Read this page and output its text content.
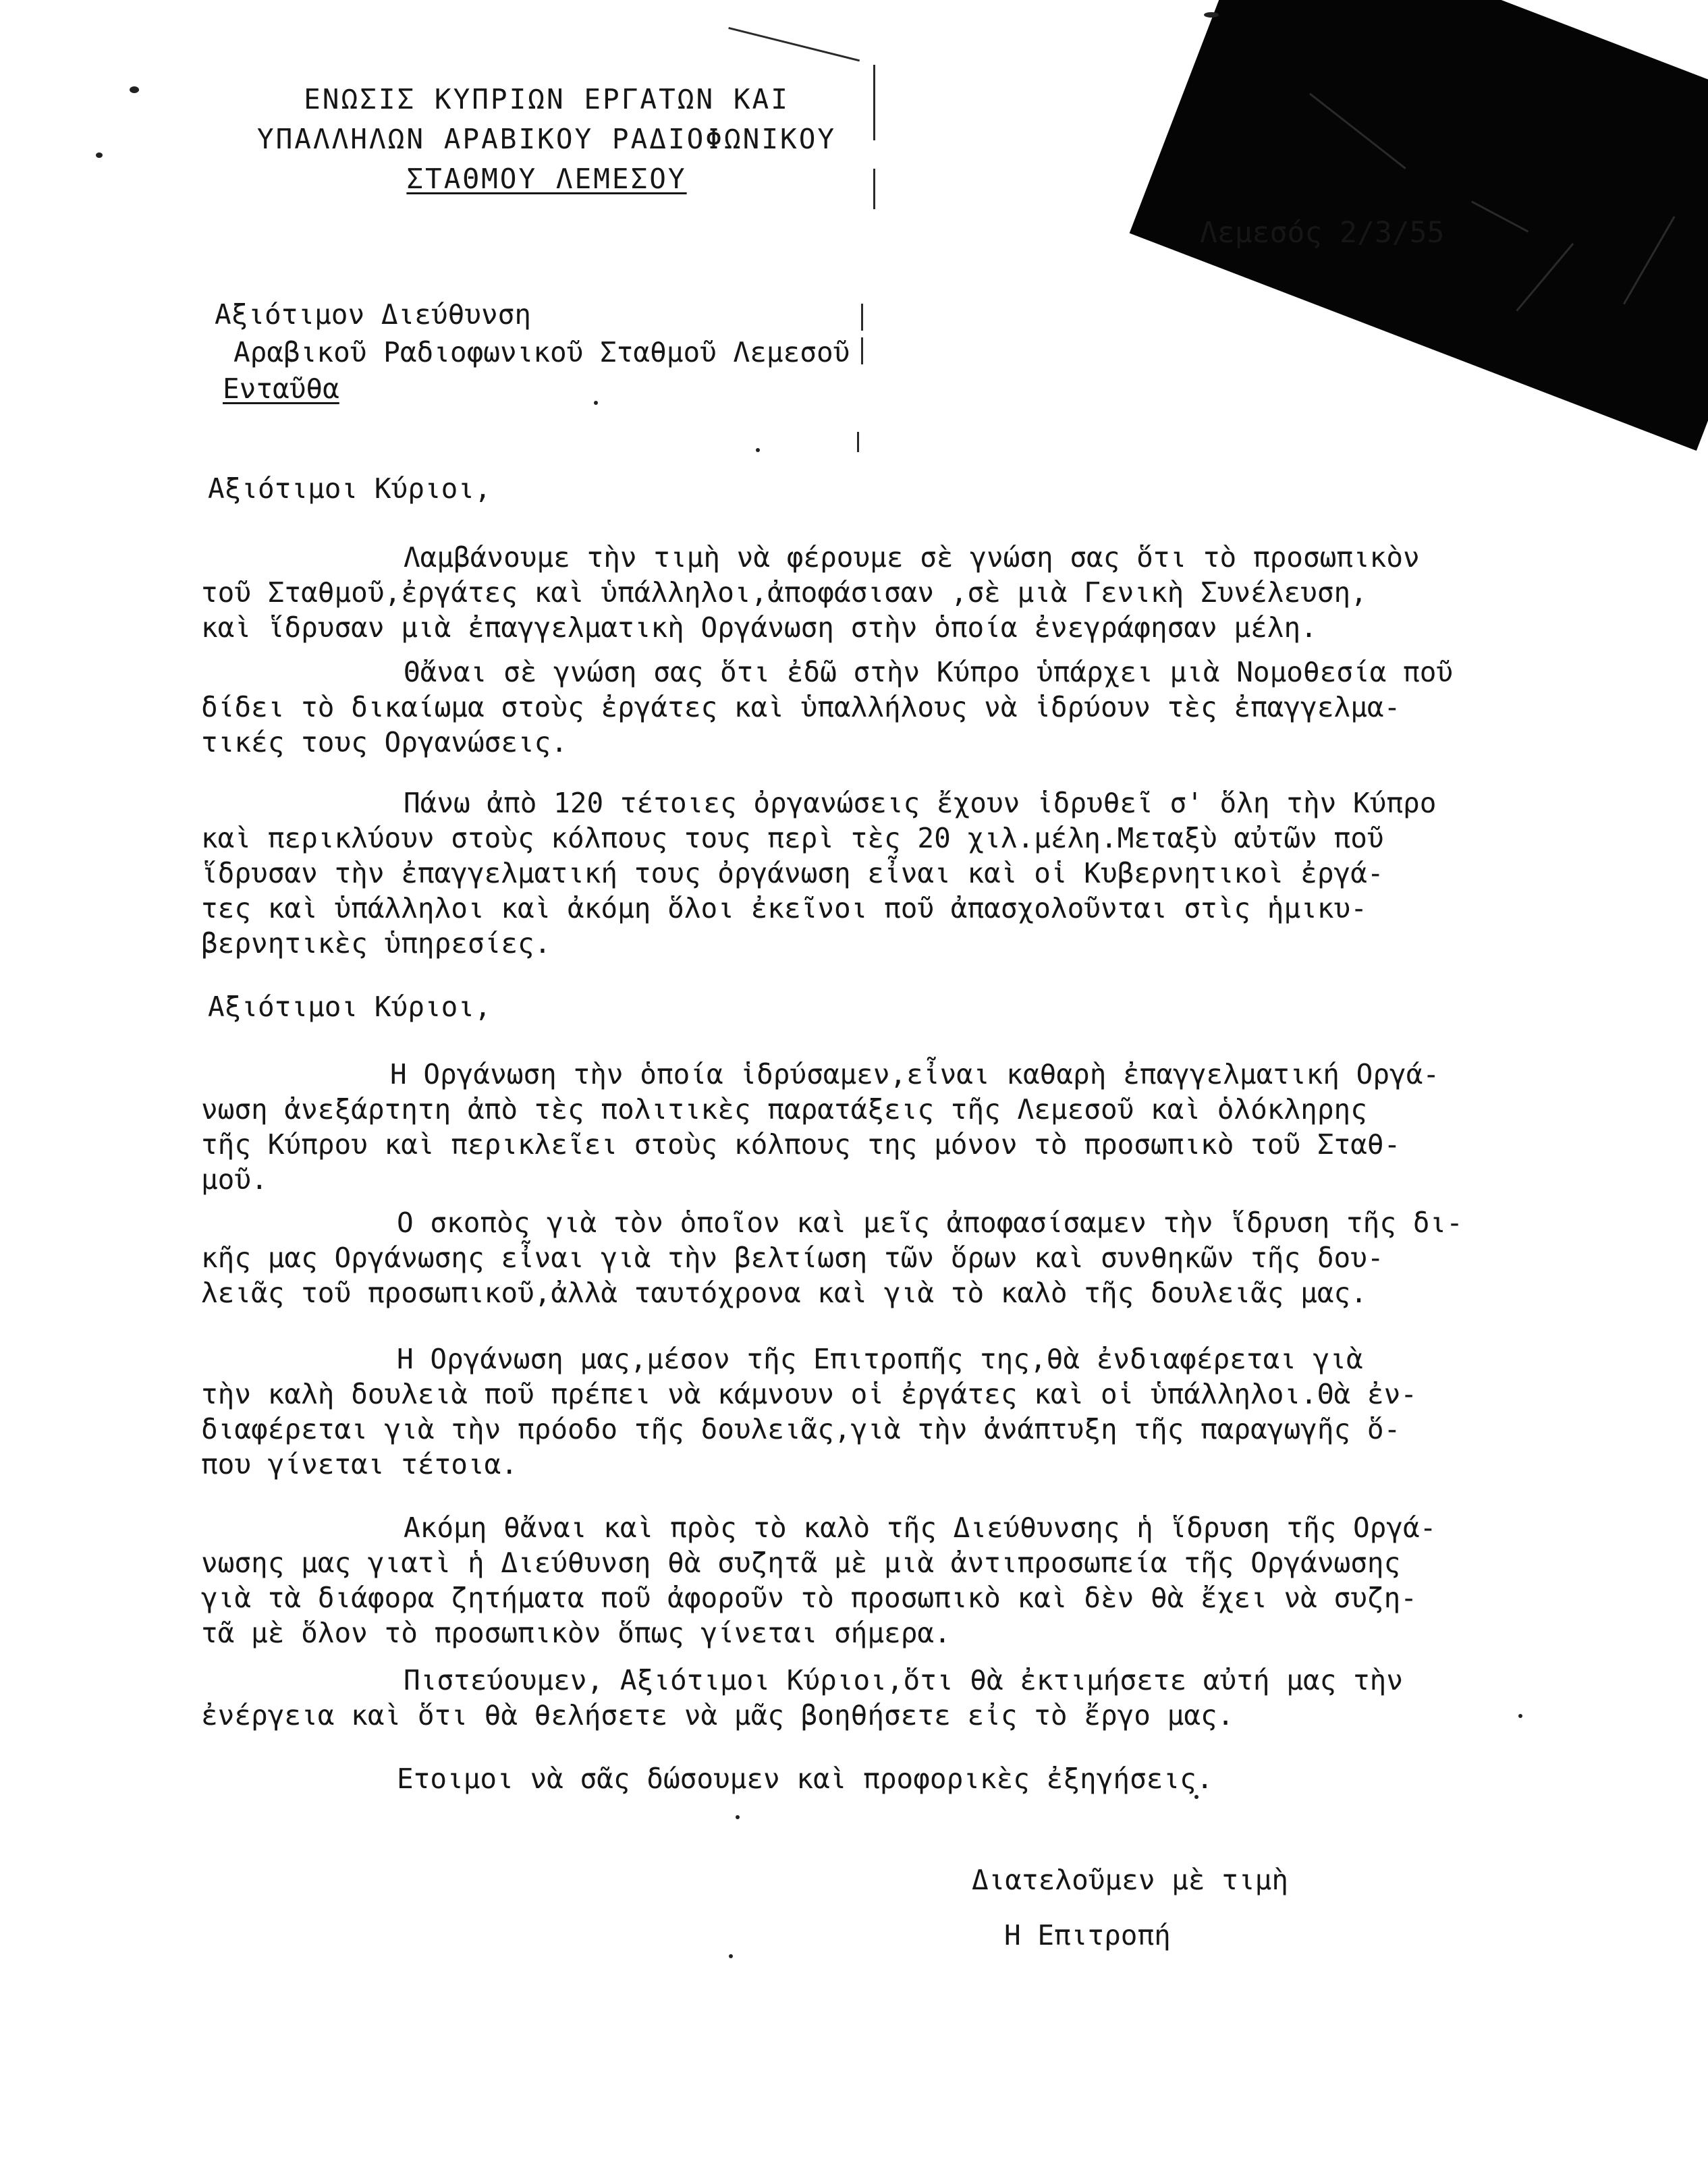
ΕΝΩΣΙΣ ΚΥΠΡΙΩΝ ΕΡΓΑΤΩΝ ΚΑΙ
ΥΠΑΛΛΗΛΩΝ ΑΡΑΒΙΚΟΥ ΡΑΔΙΟΦΩΝΙΚΟΥ
ΣΤΑΘΜΟΥ ΛΕΜΕΣΟΥ
Λεμεσός 2/3/55
Αξιότιμον Διεύθυνση
Αραβικοῦ Ραδιοφωνικοῦ Σταθμοῦ Λεμεσοῦ
Ενταῦθα
Αξιότιμοι Κύριοι,
Λαμβάνουμε τὴν τιμὴ νὰ φέρουμε σὲ γνώση σας ὅτι τὸ προσωπικὸν
τοῦ Σταθμοῦ,ἐργάτες καὶ ὑπάλληλοι,ἀποφάσισαν ,σὲ μιὰ Γενικὴ Συνέλευση,
καὶ ἵδρυσαν μιὰ ἐπαγγελματικὴ Οργάνωση στὴν ὁποία ἐνεγράφησαν μέλη.
Θἄναι σὲ γνώση σας ὅτι ἐδῶ στὴν Κύπρο ὑπάρχει μιὰ Νομοθεσία ποῦ
δίδει τὸ δικαίωμα στοὺς ἐργάτες καὶ ὑπαλλήλους νὰ ἱδρύουν τὲς ἐπαγγελμα-
τικές τους Οργανώσεις.
Πάνω ἀπὸ 120 τέτοιες ὀργανώσεις ἔχουν ἱδρυθεῖ σ' ὅλη τὴν Κύπρο
καὶ περικλύουν στοὺς κόλπους τους περὶ τὲς 20 χιλ.μέλη.Μεταξὺ αὐτῶν ποῦ
ἵδρυσαν τὴν ἐπαγγελματική τους ὀργάνωση εἶναι καὶ οἱ Κυβερνητικοὶ ἐργά-
τες καὶ ὑπάλληλοι καὶ ἀκόμη ὅλοι ἐκεῖνοι ποῦ ἀπασχολοῦνται στὶς ἡμικυ-
βερνητικὲς ὑπηρεσίες.
Αξιότιμοι Κύριοι,
Η Οργάνωση τὴν ὁποία ἱδρύσαμεν,εἶναι καθαρὴ ἐπαγγελματική Οργά-
νωση ἀνεξάρτητη ἀπὸ τὲς πολιτικὲς παρατάξεις τῆς Λεμεσοῦ καὶ ὁλόκληρης
τῆς Κύπρου καὶ περικλεῖει στοὺς κόλπους της μόνον τὸ προσωπικὸ τοῦ Σταθ-
μοῦ.
Ο σκοπὸς γιὰ τὸν ὁποῖον καὶ μεῖς ἀποφασίσαμεν τὴν ἵδρυση τῆς δι-
κῆς μας Οργάνωσης εἶναι γιὰ τὴν βελτίωση τῶν ὅρων καὶ συνθηκῶν τῆς δου-
λειᾶς τοῦ προσωπικοῦ,ἀλλὰ ταυτόχρονα καὶ γιὰ τὸ καλὸ τῆς δουλειᾶς μας.
Η Οργάνωση μας,μέσον τῆς Επιτροπῆς της,θὰ ἐνδιαφέρεται γιὰ
τὴν καλὴ δουλειὰ ποῦ πρέπει νὰ κάμνουν οἱ ἐργάτες καὶ οἱ ὑπάλληλοι.Θὰ ἐν-
διαφέρεται γιὰ τὴν πρόοδο τῆς δουλειᾶς,γιὰ τὴν ἀνάπτυξη τῆς παραγωγῆς ὅ-
που γίνεται τέτοια.
Ακόμη θἄναι καὶ πρὸς τὸ καλὸ τῆς Διεύθυνσης ἡ ἵδρυση τῆς Οργά-
νωσης μας γιατὶ ἡ Διεύθυνση θὰ συζητᾶ μὲ μιὰ ἀντιπροσωπεία τῆς Οργάνωσης
γιὰ τὰ διάφορα ζητήματα ποῦ ἀφοροῦν τὸ προσωπικὸ καὶ δὲν θὰ ἔχει νὰ συζη-
τᾶ μὲ ὅλον τὸ προσωπικὸν ὅπως γίνεται σήμερα.
Πιστεύουμεν, Αξιότιμοι Κύριοι,ὅτι θὰ ἐκτιμήσετε αὐτή μας τὴν
ἐνέργεια καὶ ὅτι θὰ θελήσετε νὰ μᾶς βοηθήσετε εἰς τὸ ἔργο μας.
Ετοιμοι νὰ σᾶς δώσουμεν καὶ προφορικὲς ἐξηγήσεις.
Διατελοῦμεν μὲ τιμὴ
Η Επιτροπή
